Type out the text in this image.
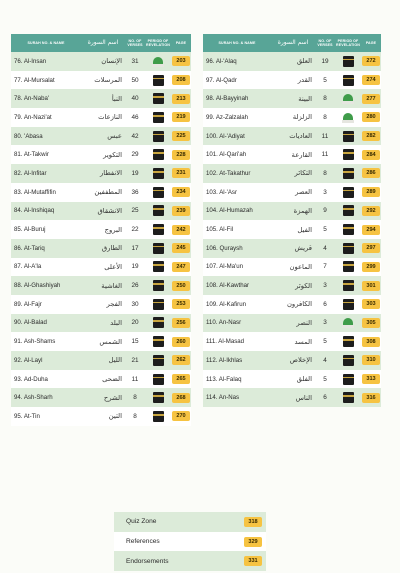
SURAH NO. & NAME	اسم السورة	NO. OF VERSES	PERIOD OF REVELATION	PAGE
76. Al-Insan	الإنسان	31		203
77. Al-Mursalat	المرسلات	50		208
78. An-Naba'	النبأ	40		213
79. An-Nazi'at	النازعات	46		219
80. 'Abasa	عبس	42		225
81. At-Takwir	التكوير	29		228
82. Al-Infitar	الانفطار	19		231
83. Al-Mutaffifin	المطففين	36		234
84. Al-Inshiqaq	الانشقاق	25		239
85. Al-Buruj	البروج	22		242
86. At-Tariq	الطارق	17		245
87. Al-A'la	الأعلى	19		247
88. Al-Ghashiyah	الغاشية	26		250
89. Al-Fajr	الفجر	30		253
90. Al-Balad	البلد	20		256
91. Ash-Shams	الشمس	15		260
92. Al-Layl	الليل	21		262
93. Ad-Duha	الضحى	11		265
94. Ash-Sharh	الشرح	8		268
95. At-Tin	التين	8		270
SURAH NO. & NAME	اسم السورة	NO. OF VERSES	PERIOD OF REVELATION	PAGE
96. Al-'Alaq	العلق	19		272
97. Al-Qadr	القدر	5		274
98. Al-Bayyinah	البينة	8		277
99. Az-Zalzalah	الزلزلة	8		280
100. Al-'Adiyat	العاديات	11		282
101. Al-Qari'ah	القارعة	11		284
102. At-Takathur	التكاثر	8		286
103. Al-'Asr	العصر	3		289
104. Al-Humazah	الهمزة	9		292
105. Al-Fil	الفيل	5		294
106. Quraysh	قريش	4		297
107. Al-Ma'un	الماعون	7		299
108. Al-Kawthar	الكوثر	3		301
109. Al-Kafirun	الكافرون	6		303
110. An-Nasr	النصر	3		305
111. Al-Masad	المسد	5		308
112. Al-Ikhlas	الإخلاص	4		310
113. Al-Falaq	الفلق	5		313
114. An-Nas	الناس	6		316
Quiz Zone	318
References	329
Endorsements	331
